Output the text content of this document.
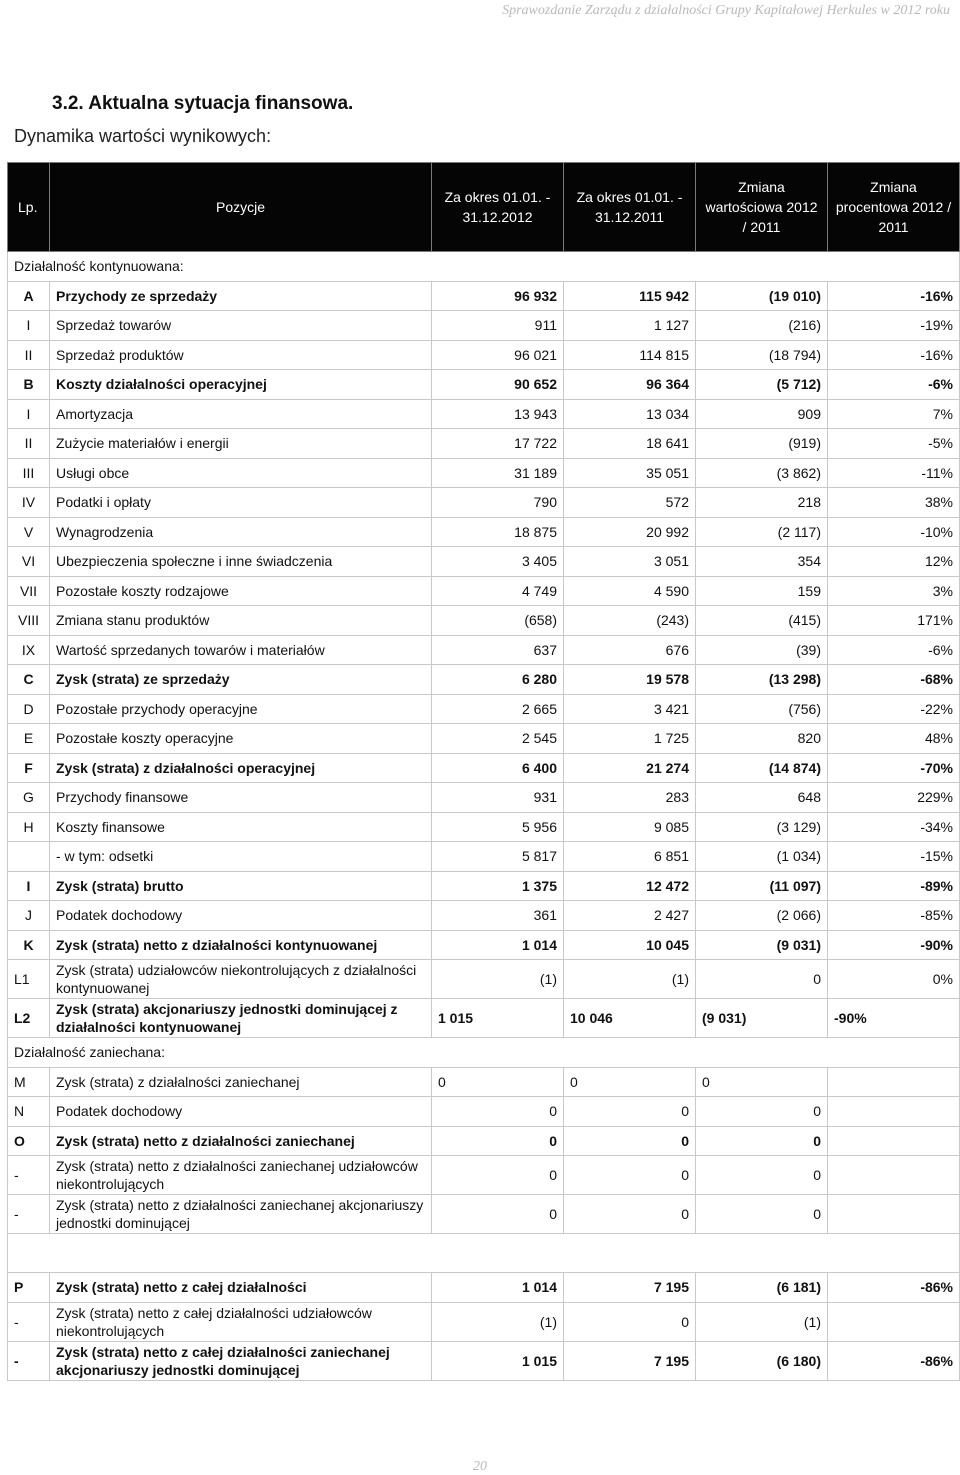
Sprawozdanie Zarządu z działalności Grupy Kapitałowej Herkules w 2012 roku
3.2. Aktualna sytuacja finansowa.
Dynamika wartości wynikowych:
Lp.	Pozycje	Za okres 01.01. - 31.12.2012	Za okres 01.01. - 31.12.2011	Zmiana wartościowa 2012 / 2011	Zmiana procentowa 2012 / 2011
Działalność kontynuowana:					
A	Przychody ze sprzedaży	96 932	115 942	(19 010)	-16%
I	Sprzedaż towarów	911	1 127	(216)	-19%
II	Sprzedaż produktów	96 021	114 815	(18 794)	-16%
B	Koszty działalności operacyjnej	90 652	96 364	(5 712)	-6%
I	Amortyzacja	13 943	13 034	909	7%
II	Zużycie materiałów i energii	17 722	18 641	(919)	-5%
III	Usługi obce	31 189	35 051	(3 862)	-11%
IV	Podatki i opłaty	790	572	218	38%
V	Wynagrodzenia	18 875	20 992	(2 117)	-10%
VI	Ubezpieczenia społeczne i inne świadczenia	3 405	3 051	354	12%
VII	Pozostałe koszty rodzajowe	4 749	4 590	159	3%
VIII	Zmiana stanu produktów	(658)	(243)	(415)	171%
IX	Wartość sprzedanych towarów i materiałów	637	676	(39)	-6%
C	Zysk (strata) ze sprzedaży	6 280	19 578	(13 298)	-68%
D	Pozostałe przychody operacyjne	2 665	3 421	(756)	-22%
E	Pozostałe koszty operacyjne	2 545	1 725	820	48%
F	Zysk (strata) z działalności operacyjnej	6 400	21 274	(14 874)	-70%
G	Przychody finansowe	931	283	648	229%
H	Koszty finansowe	5 956	9 085	(3 129)	-34%
	- w tym: odsetki	5 817	6 851	(1 034)	-15%
I	Zysk (strata) brutto	1 375	12 472	(11 097)	-89%
J	Podatek dochodowy	361	2 427	(2 066)	-85%
K	Zysk (strata) netto z działalności kontynuowanej	1 014	10 045	(9 031)	-90%
L1	Zysk (strata) udziałowców niekontrolujących z działalności kontynuowanej	(1)	(1)	0	0%
L2	Zysk (strata) akcjonariuszy jednostki dominującej z działalności kontynuowanej	1 015	10 046	(9 031)	-90%
Działalność zaniechana:					
M	Zysk (strata) z działalności zaniechanej	0	0	0	
N	Podatek dochodowy	0	0	0	
O	Zysk (strata) netto z działalności zaniechanej	0	0	0	
-	Zysk (strata) netto z działalności zaniechanej udziałowców niekontrolujących	0	0	0	
-	Zysk (strata) netto z działalności zaniechanej akcjonariuszy jednostki dominującej	0	0	0	

P	Zysk (strata) netto z całej działalności	1 014	7 195	(6 181)	-86%
-	Zysk (strata) netto z całej działalności udziałowców niekontrolujących	(1)	0	(1)	
-	Zysk (strata) netto z całej działalności zaniechanej akcjonariuszy jednostki dominującej	1 015	7 195	(6 180)	-86%
20
